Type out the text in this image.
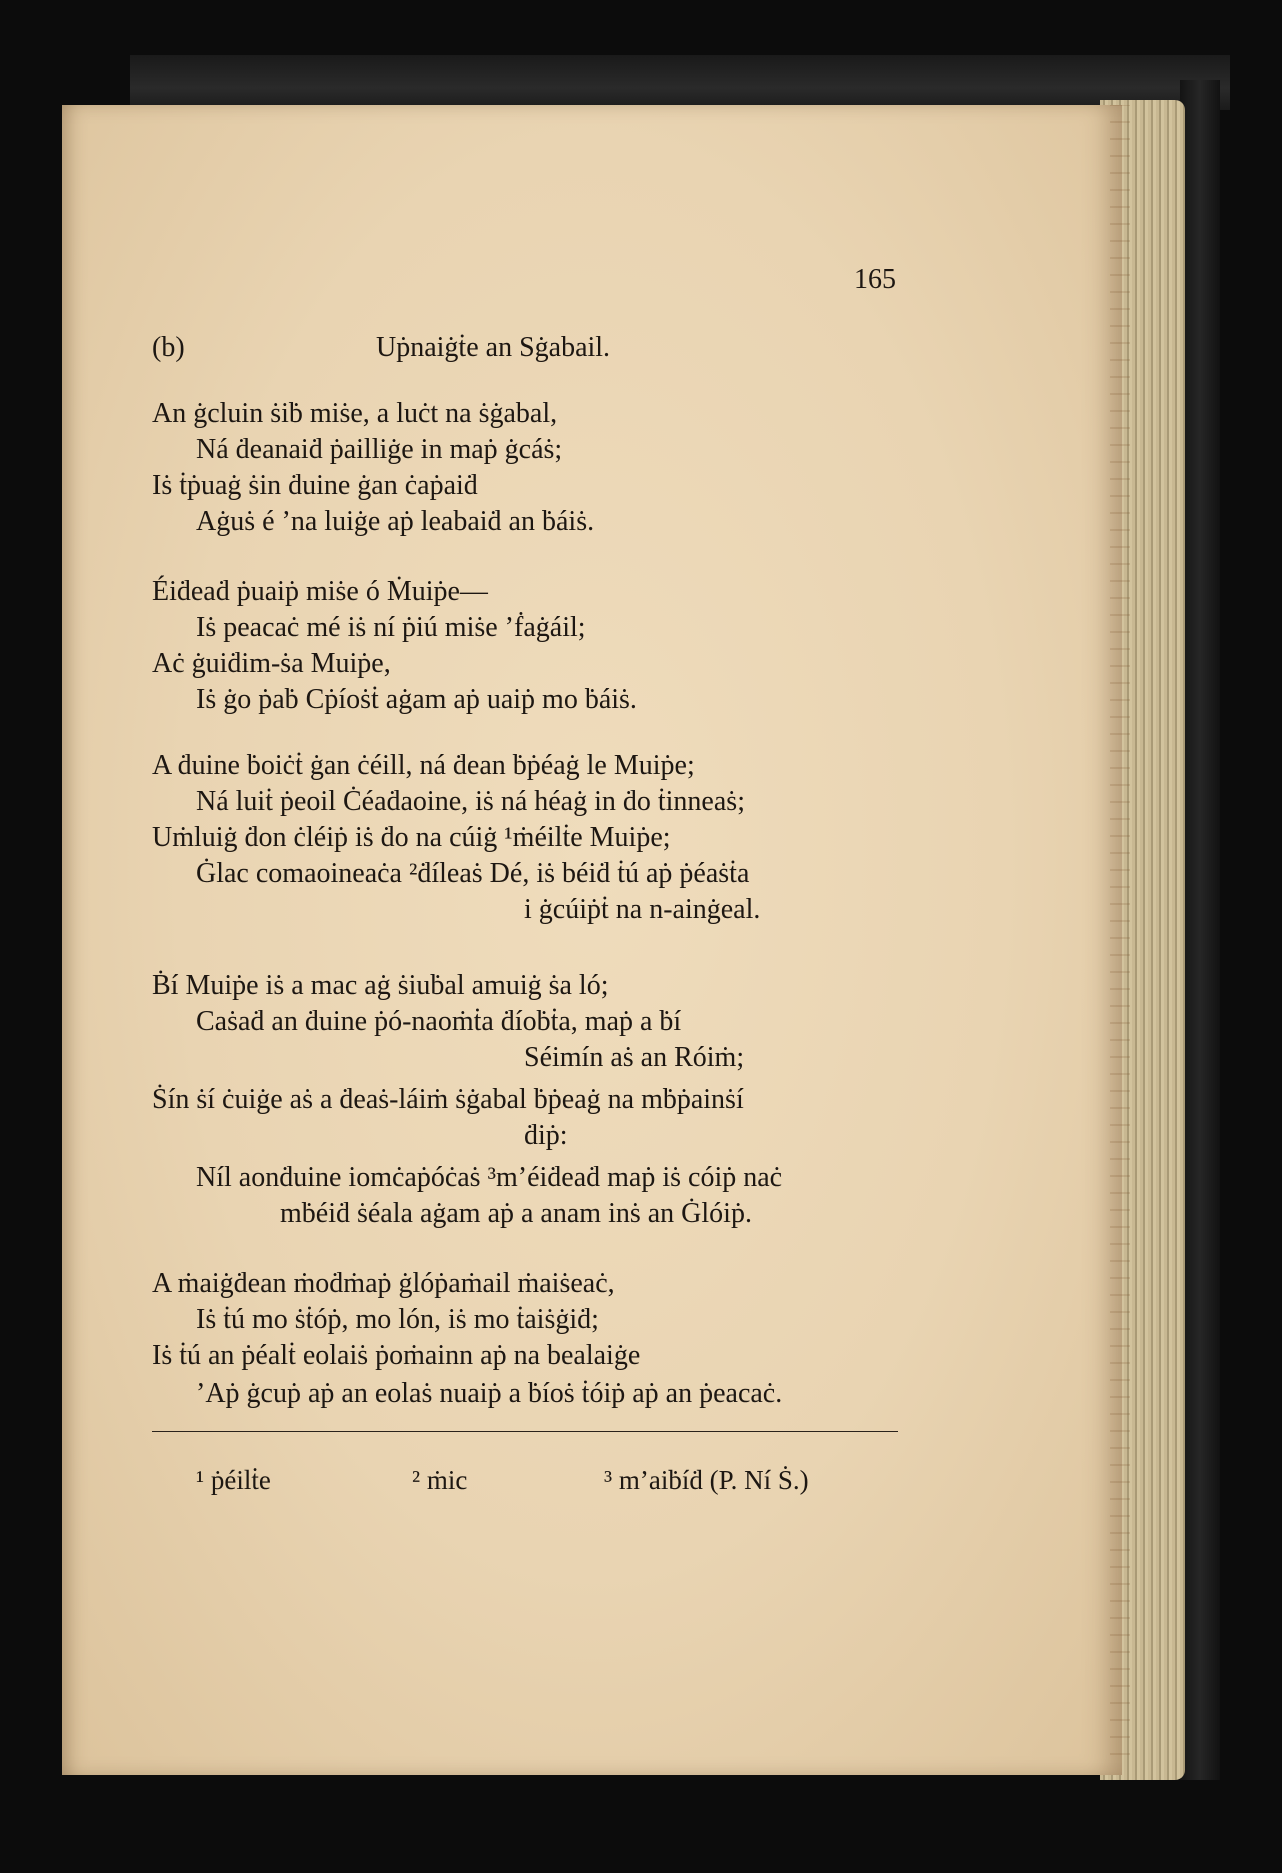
165
(b)	Uṗnaiġṫe an Sġabail.
An ġcluin ṡiḃ miṡe, a luċt na ṡġabal,
Ná ḋeanaiḋ ṗailliġe in maṗ ġcáṡ;
Iṡ ṫṗuaġ ṡin ḋuine ġan ċaṗaiḋ
Aġuṡ é ’na luiġe aṗ leabaiḋ an ḃáiṡ.
Éiḋeaḋ ṗuaiṗ miṡe ó Ṁuiṗe—
Iṡ peacaċ mé iṡ ní ṗiú miṡe ’ḟaġáil;
Aċ ġuiḋim-ṡa Muiṗe,
Iṡ ġo ṗaḃ Cṗíoṡṫ aġam aṗ uaiṗ mo ḃáiṡ.
A ḋuine ḃoiċṫ ġan ċéill, ná ḋean ḃṗéaġ le Muiṗe;
Ná luiṫ ṗeoil Ċéaḋaoine, iṡ ná héaġ in ḋo ṫinneaṡ;
Uṁluiġ ḋon ċléiṗ iṡ ḋo na cúiġ ¹ṁéilṫe Muiṗe;
Ġlac comaoineaċa ²ḋíleaṡ Dé, iṡ béiḋ ṫú aṗ ṗéaṡṫa
i ġcúiṗṫ na n-ainġeal.
Ḃí Muiṗe iṡ a mac aġ ṡiuḃal amuiġ ṡa ló;
Caṡaḋ an ḋuine ṗó-naoṁṫa ḋíoḃṫa, maṗ a ḃí
Séimín aṡ an Róiṁ;
Ṡín ṡí ċuiġe aṡ a ḋeaṡ-láiṁ ṡġabal ḃṗeaġ na mḃṗainṡí
ḋiṗ:
Níl aonḋuine iomċaṗóċaṡ ³m’éiḋeaḋ maṗ iṡ cóiṗ naċ
mḃéiḋ ṡéala aġam aṗ a anam inṡ an Ġlóiṗ.
A ṁaiġḋean ṁoḋṁaṗ ġlóṗaṁail ṁaiṡeaċ,
Iṡ ṫú mo ṡṫóṗ, mo lón, iṡ mo ṫaiṡġiḋ;
Iṡ ṫú an ṗéalṫ eolaiṡ ṗoṁainn aṗ na bealaiġe
’Aṗ ġcuṗ aṗ an eolaṡ nuaiṗ a ḃíoṡ ṫóiṗ aṗ an ṗeacaċ.
¹ ṗéilṫe	² ṁic	³ m’aiḃíḋ (P. Ní Ṡ.)
